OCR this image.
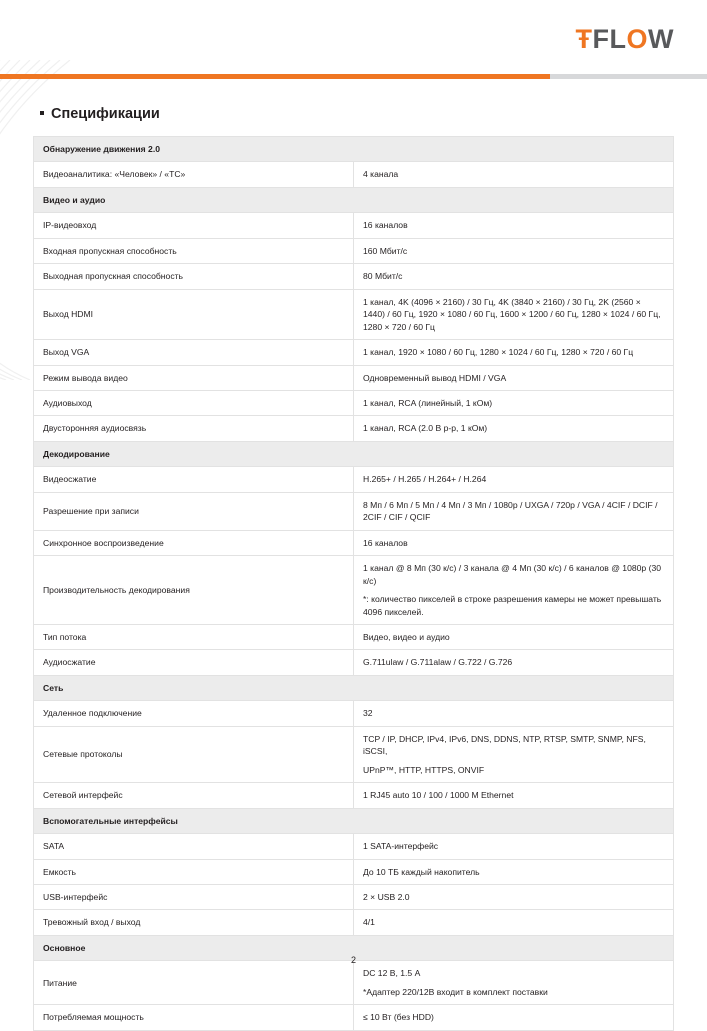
ŦFLOW
Спецификации
Обнаружение движения 2.0	
Видеоаналитика: «Человек» / «ТС»	4 канала

Видео и аудио	
IP-видеовход	16 каналов

Входная пропускная способность	160 Мбит/с

Выходная пропускная способность	80 Мбит/с

Выход HDMI	1 канал, 4K (4096 × 2160) / 30 Гц, 4K (3840 × 2160) / 30 Гц, 2K (2560 × 1440) / 60 Гц, 1920 × 1080 / 60 Гц, 1600 × 1200 / 60 Гц, 1280 × 1024 / 60 Гц, 1280 × 720 / 60 Гц

Выход VGA	1 канал, 1920 × 1080 / 60 Гц, 1280 × 1024 / 60 Гц, 1280 × 720 / 60 Гц

Режим вывода видео	Одновременный вывод HDMI / VGA

Аудиовыход	1 канал, RCA (линейный, 1 кОм)

Двусторонняя аудиосвязь	1 канал, RCA (2.0 В p-p, 1 кОм)

Декодирование	
Видеосжатие	H.265+ / H.265 / H.264+ / H.264

Разрешение при записи	8 Мп / 6 Мп / 5 Мп / 4 Мп / 3 Мп / 1080p / UXGA / 720p / VGA / 4CIF / DCIF / 2CIF / CIF / QCIF

Синхронное воспроизведение	16 каналов

Производительность декодирования	1 канал @ 8 Мп (30 к/с) / 3 канала @ 4 Мп (30 к/с) / 6 каналов @ 1080p (30 к/с)

*: количество пикселей в строке разрешения камеры не может превышать 4096 пикселей.

Тип потока	Видео, видео и аудио

Аудиосжатие	G.711ulaw / G.711alaw / G.722 / G.726

Сеть	
Удаленное подключение	32

Сетевые протоколы	TCP / IP, DHCP, IPv4, IPv6, DNS, DDNS, NTP, RTSP, SMTP, SNMP, NFS, iSCSI,

UPnP™, HTTP, HTTPS, ONVIF

Сетевой интерфейс	1 RJ45 auto 10 / 100 / 1000 M Ethernet

Вспомогательные интерфейсы	
SATA	1 SATA-интерфейс

Емкость	До 10 ТБ каждый накопитель

USB-интерфейс	2 × USB 2.0

Тревожный вход / выход	4/1

Основное	
Питание	DC 12 В, 1.5 A

*Адаптер 220/12В входит в комплект поставки

Потребляемая мощность	≤ 10 Вт (без HDD)

2
